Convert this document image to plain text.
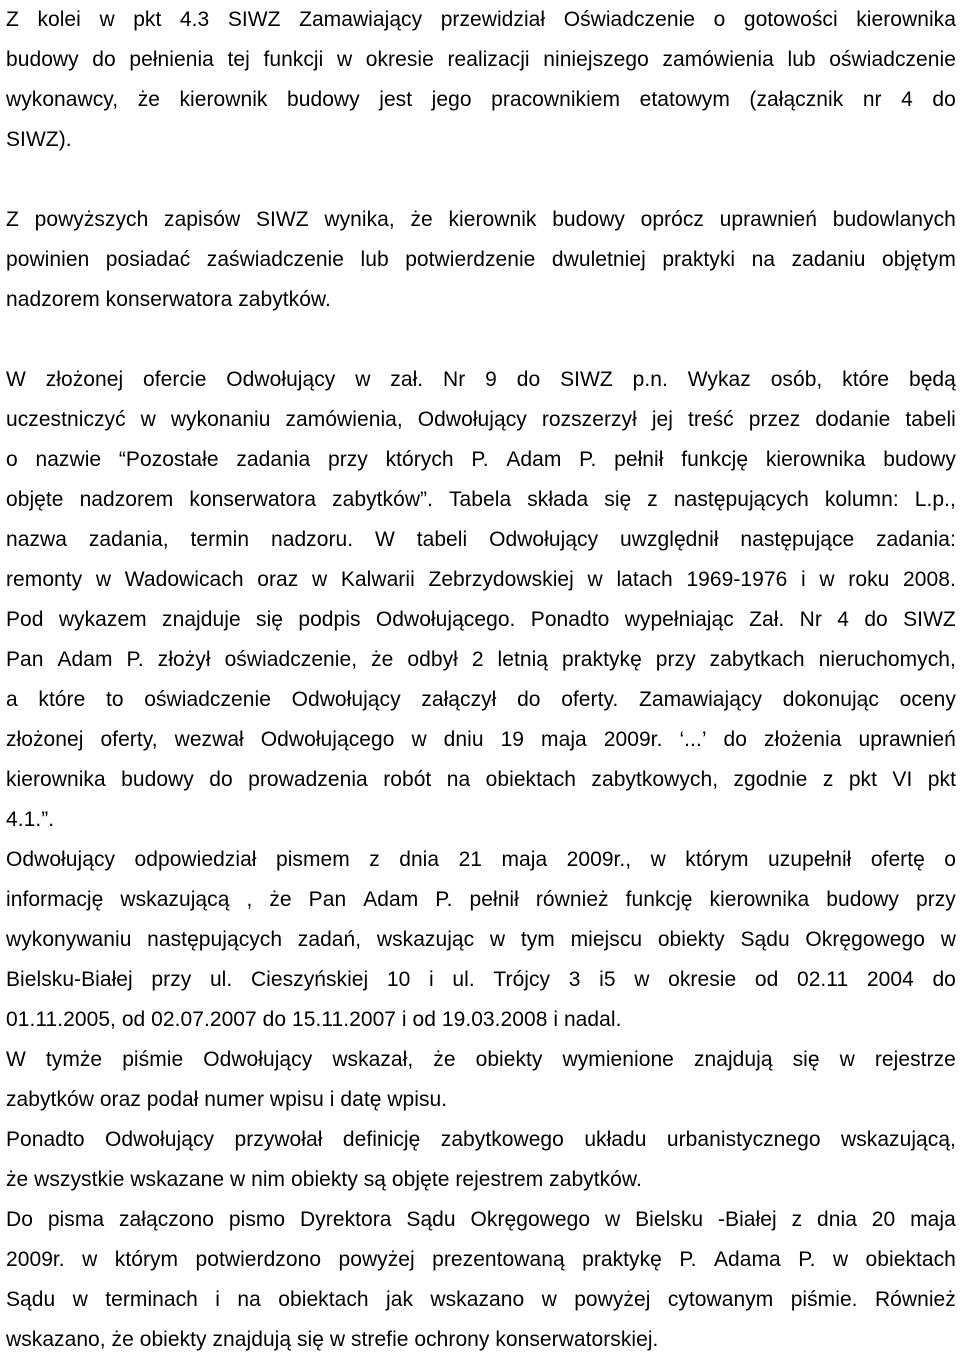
Z kolei w pkt 4.3 SIWZ Zamawiający przewidział Oświadczenie o gotowości kierownika
budowy do pełnienia tej funkcji w okresie realizacji niniejszego zamówienia lub oświadczenie
wykonawcy, że kierownik budowy jest jego pracownikiem etatowym (załącznik nr 4 do
SIWZ).
Z powyższych zapisów SIWZ wynika, że kierownik budowy oprócz uprawnień budowlanych
powinien posiadać zaświadczenie lub potwierdzenie dwuletniej praktyki na zadaniu objętym
nadzorem konserwatora zabytków.
W złożonej ofercie Odwołujący w zał. Nr 9 do SIWZ p.n. Wykaz osób, które będą
uczestniczyć w wykonaniu zamówienia, Odwołujący rozszerzył jej treść przez dodanie tabeli
o nazwie “Pozostałe zadania przy których P. Adam P. pełnił funkcję kierownika budowy
objęte nadzorem konserwatora zabytków”. Tabela składa się z następujących kolumn: L.p.,
nazwa zadania, termin nadzoru. W tabeli Odwołujący uwzględnił następujące zadania:
remonty w Wadowicach oraz w Kalwarii Zebrzydowskiej w latach 1969-1976 i w roku 2008.
Pod wykazem znajduje się podpis Odwołującego. Ponadto wypełniając Zał. Nr 4 do SIWZ
Pan Adam P. złożył oświadczenie, że odbył 2 letnią praktykę przy zabytkach nieruchomych,
a które to oświadczenie Odwołujący załączył do oferty. Zamawiający dokonując oceny
złożonej oferty, wezwał Odwołującego w dniu 19 maja 2009r. ‘...’ do złożenia uprawnień
kierownika budowy do prowadzenia robót na obiektach zabytkowych, zgodnie z pkt VI pkt
4.1.”.
Odwołujący odpowiedział pismem z dnia 21 maja 2009r., w którym uzupełnił ofertę o
informację wskazującą , że Pan Adam P. pełnił również funkcję kierownika budowy przy
wykonywaniu następujących zadań, wskazując w tym miejscu obiekty Sądu Okręgowego w
Bielsku-Białej przy ul. Cieszyńskiej 10 i ul. Trójcy 3 i5 w okresie od 02.11 2004 do
01.11.2005, od 02.07.2007 do 15.11.2007 i od 19.03.2008 i nadal.
W tymże piśmie Odwołujący wskazał, że obiekty wymienione znajdują się w rejestrze
zabytków oraz podał numer wpisu i datę wpisu.
Ponadto Odwołujący przywołał definicję zabytkowego układu urbanistycznego wskazującą,
że wszystkie wskazane w nim obiekty są objęte rejestrem zabytków.
Do pisma załączono pismo Dyrektora Sądu Okręgowego w Bielsku -Białej z dnia 20 maja
2009r. w którym potwierdzono powyżej prezentowaną praktykę P. Adama P. w obiektach
Sądu w terminach i na obiektach jak wskazano w powyżej cytowanym piśmie. Również
wskazano, że obiekty znajdują się w strefie ochrony konserwatorskiej.
